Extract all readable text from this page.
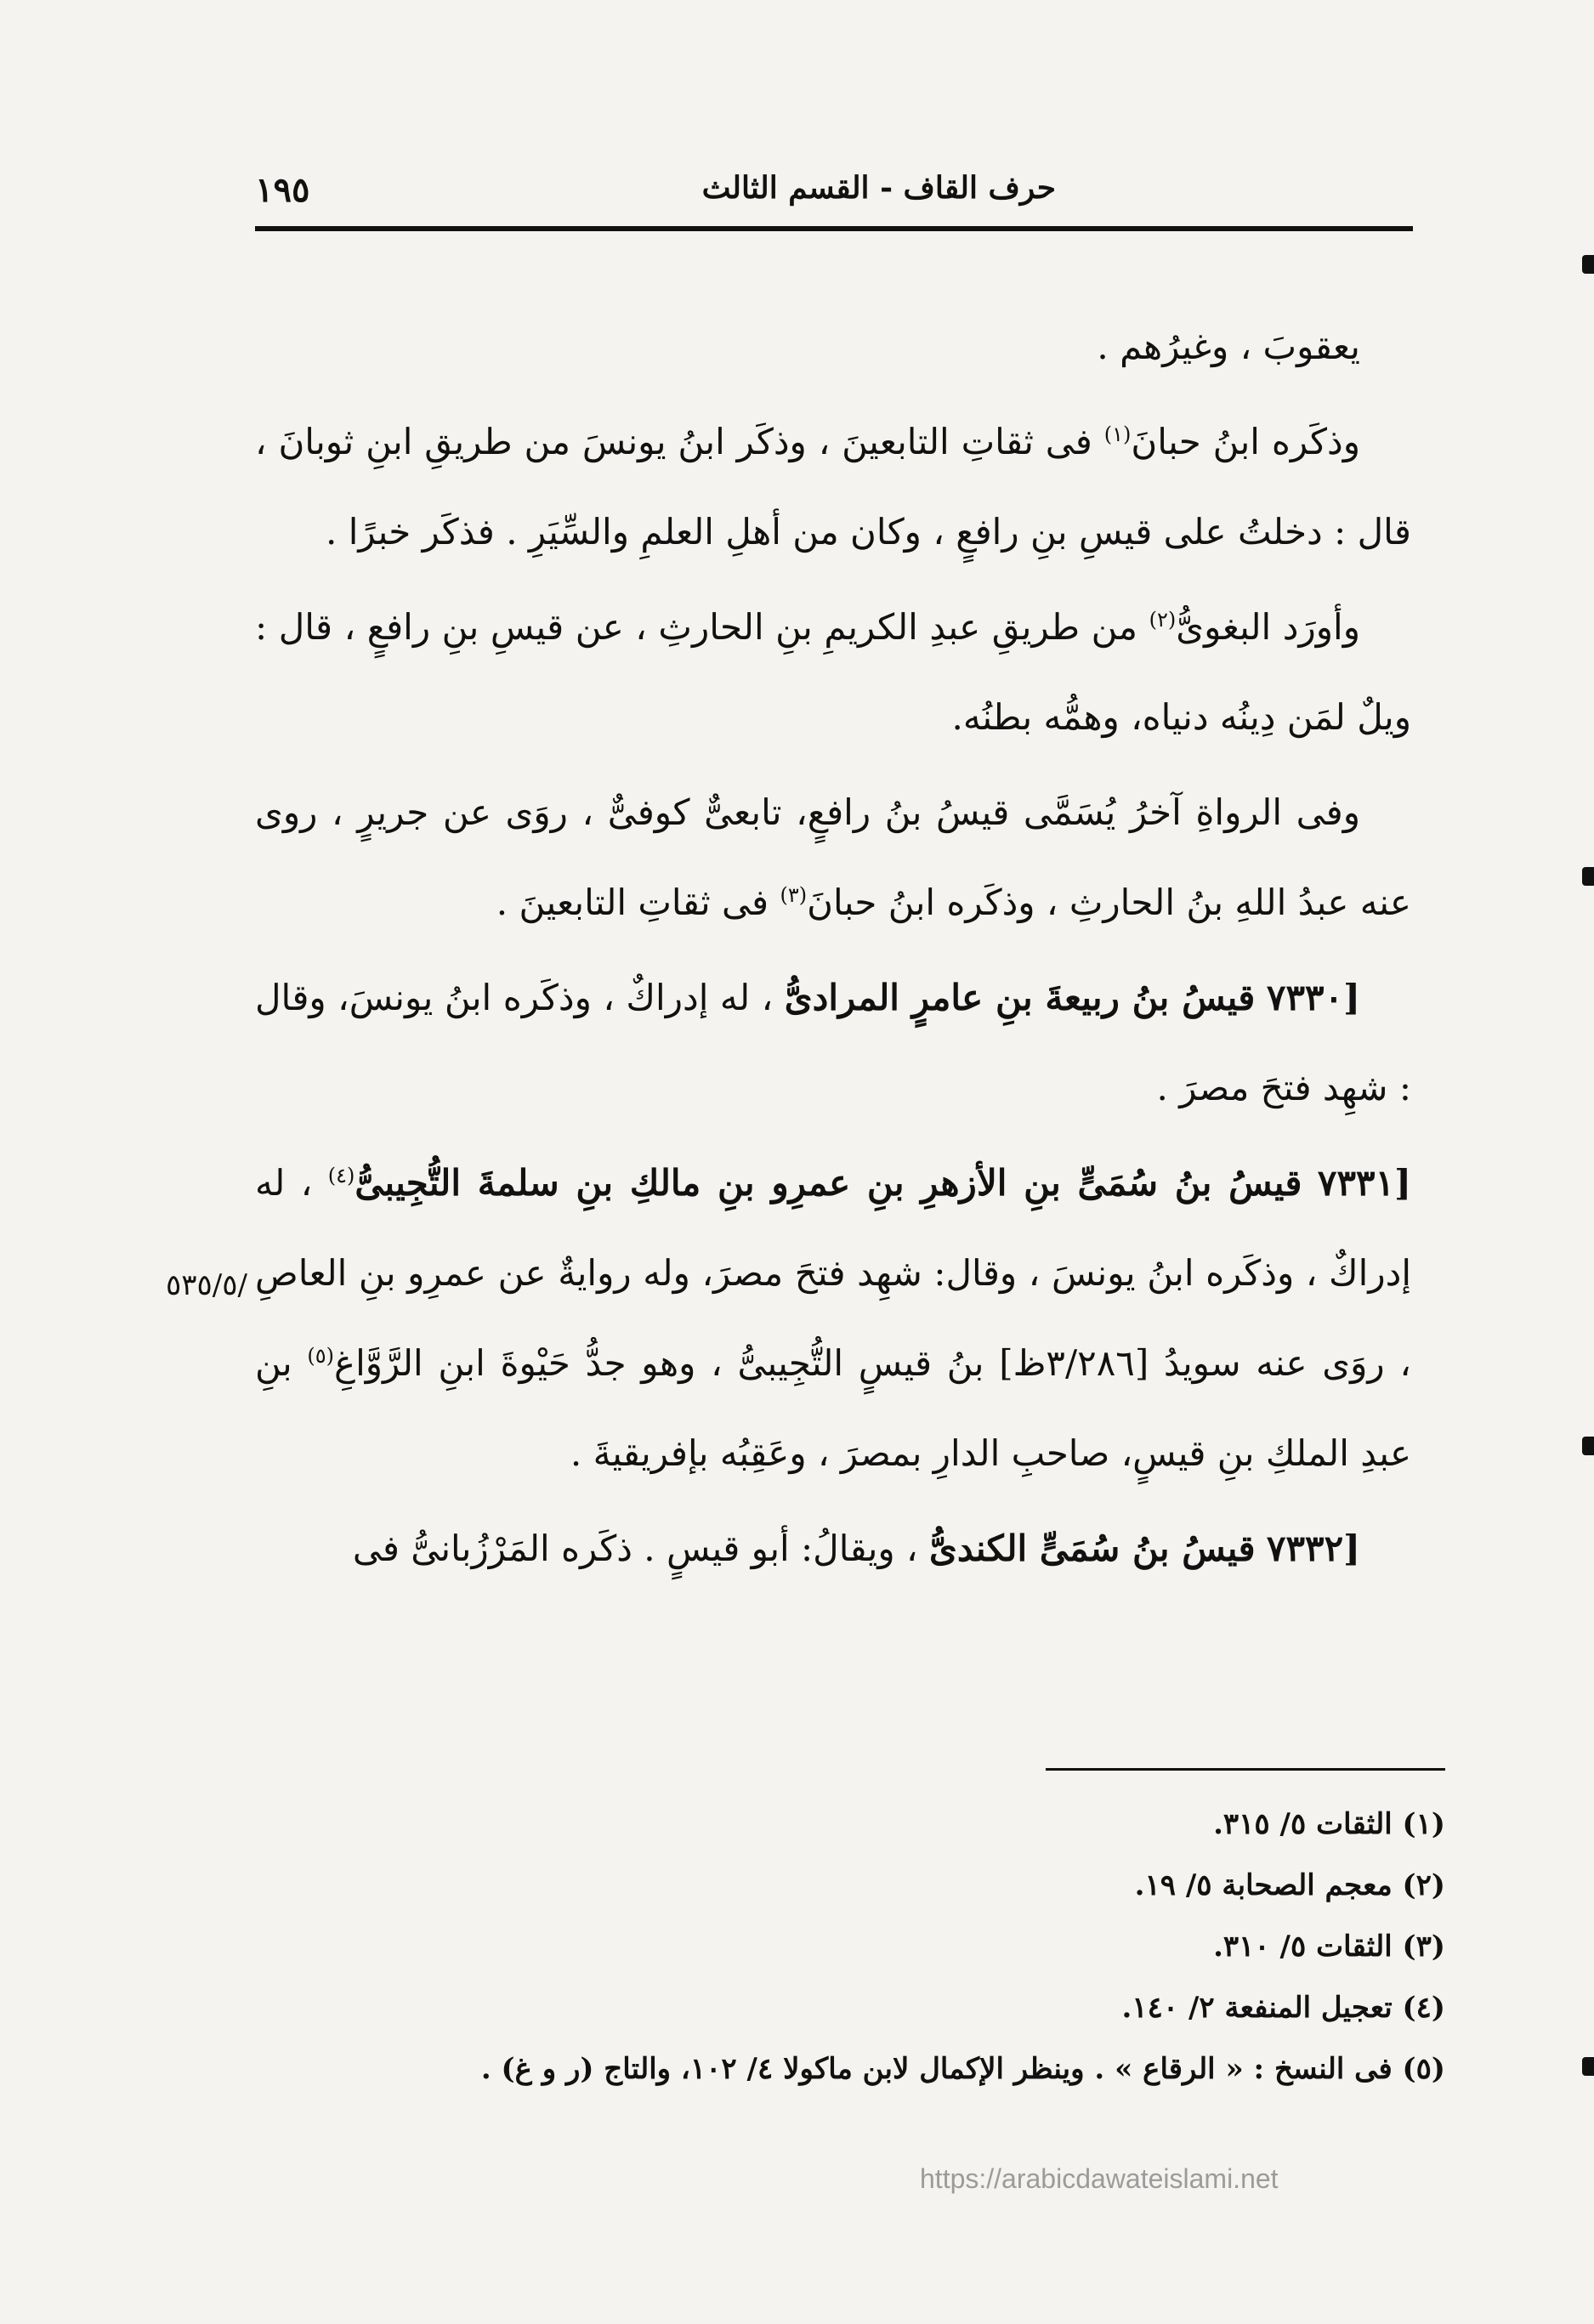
حرف القاف - القسم الثالث
١٩٥
/٥٣٥/٥

يعقوبَ ، وغيرُهم .

وذكَره ابنُ حبانَ$^{(١)}$ فى ثقاتِ التابعينَ ، وذكَر ابنُ يونسَ من طريقِ ابنِ ثوبانَ ، قال : دخلتُ على قيسِ بنِ رافعٍ ، وكان من أهلِ العلمِ والسِّيَرِ . فذكَر خبرًا .

وأورَد البغوىُّ$^{(٢)}$ من طريقِ عبدِ الكريمِ بنِ الحارثِ ، عن قيسِ بنِ رافعٍ ، قال : ويلٌ لمَن دِينُه دنياه، وهمُّه بطنُه.

وفى الرواةِ آخرُ يُسَمَّى قيسُ بنُ رافعٍ، تابعىٌّ كوفىٌّ ، روَى عن جريرٍ ، روى عنه عبدُ اللهِ بنُ الحارثِ ، وذكَره ابنُ حبانَ$^{(٣)}$ فى ثقاتِ التابعينَ .

[٧٣٣٠ قيسُ بنُ ربيعةَ بنِ عامرٍ المرادىُّ ، له إدراكٌ ، وذكَره ابنُ يونسَ، وقال : شهِد فتحَ مصرَ .

[٧٣٣١ قيسُ بنُ سُمَىٍّ بنِ الأزهرِ بنِ عمرِو بنِ مالكِ بنِ سلمةَ التُّجِيبىُّ$^{(٤)}$ ، له إدراكٌ ، وذكَره ابنُ يونسَ ، وقال: شهِد فتحَ مصرَ، وله روايةٌ عن عمرِو بنِ العاصِ ، روَى عنه سويدُ [٣/٢٨٦ظ] بنُ قيسٍ التُّجِيبىُّ ، وهو جدُّ حَيْوةَ ابنِ الرَّوَّاغِ$^{(٥)}$ بنِ عبدِ الملكِ بنِ قيسٍ، صاحبِ الدارِ بمصرَ ، وعَقِبُه بإفريقيةَ .

[٧٣٣٢ قيسُ بنُ سُمَىٍّ الكندىُّ ، ويقالُ: أبو قيسٍ . ذكَره المَرْزُبانىُّ فى

(١) الثقات ٥/ ٣١٥.
(٢) معجم الصحابة ٥/ ١٩.
(٣) الثقات ٥/ ٣١٠.
(٤) تعجيل المنفعة ٢/ ١٤٠.
(٥) فى النسخ : « الرقاع » . وينظر الإكمال لابن ماكولا ٤/ ١٠٢، والتاج (ر و غ) .
https://arabicdawateislami.net
